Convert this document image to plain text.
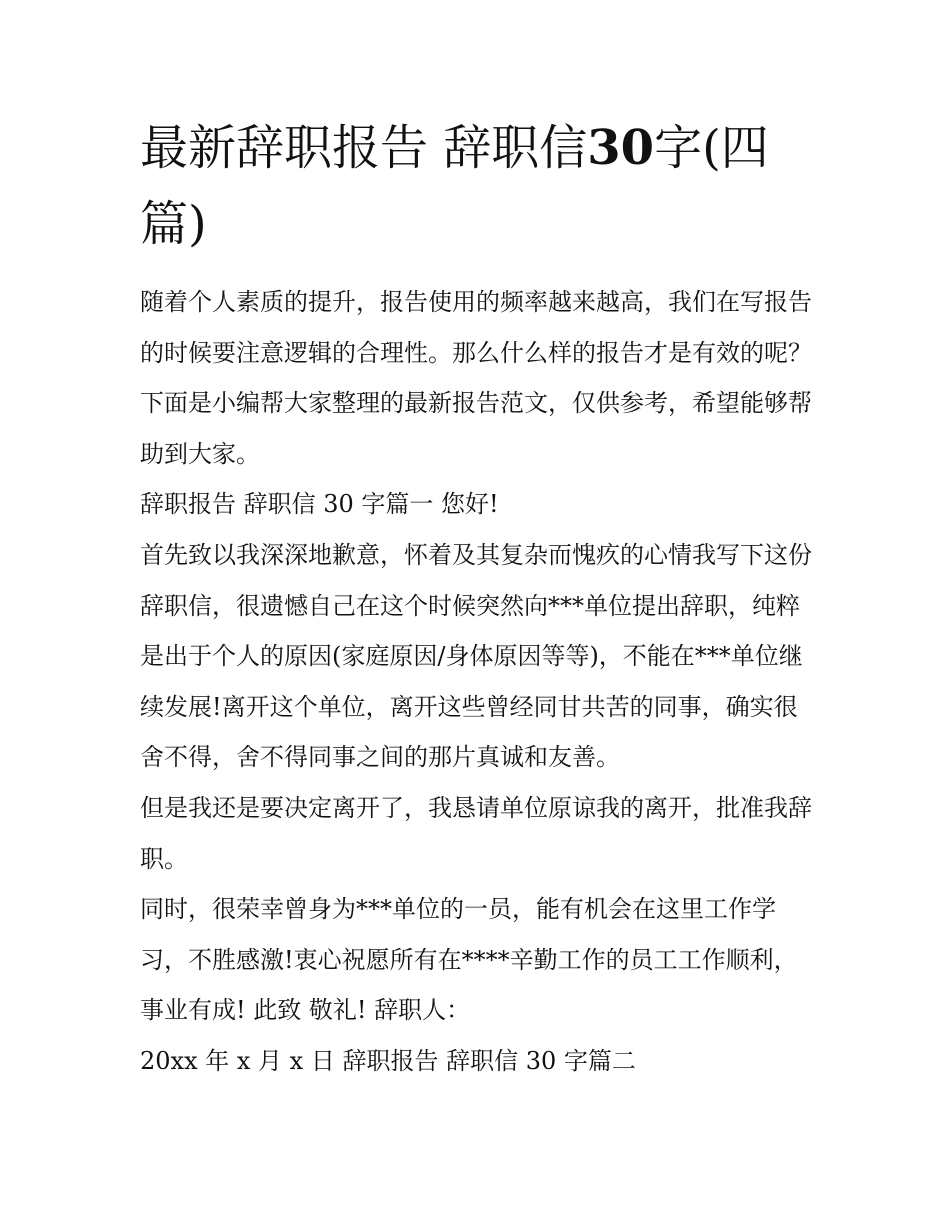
最新辞职报告 辞职信30字(四篇)

随着个人素质的提升，报告使用的频率越来越高，我们在写报告的时候要注意逻辑的合理性。那么什么样的报告才是有效的呢？下面是小编帮大家整理的最新报告范文，仅供参考，希望能够帮助到大家。

辞职报告 辞职信 30 字篇一 您好!

首先致以我深深地歉意，怀着及其复杂而愧疚的心情我写下这份辞职信，很遗憾自己在这个时候突然向***单位提出辞职，纯粹是出于个人的原因(家庭原因/身体原因等等)，不能在***单位继续发展!离开这个单位，离开这些曾经同甘共苦的同事，确实很舍不得，舍不得同事之间的那片真诚和友善。

但是我还是要决定离开了，我恳请单位原谅我的离开，批准我辞职。

同时，很荣幸曾身为***单位的一员，能有机会在这里工作学习，不胜感激!衷心祝愿所有在****辛勤工作的员工工作顺利，事业有成! 此致 敬礼! 辞职人：

20xx 年 x 月 x 日 辞职报告 辞职信 30 字篇二
